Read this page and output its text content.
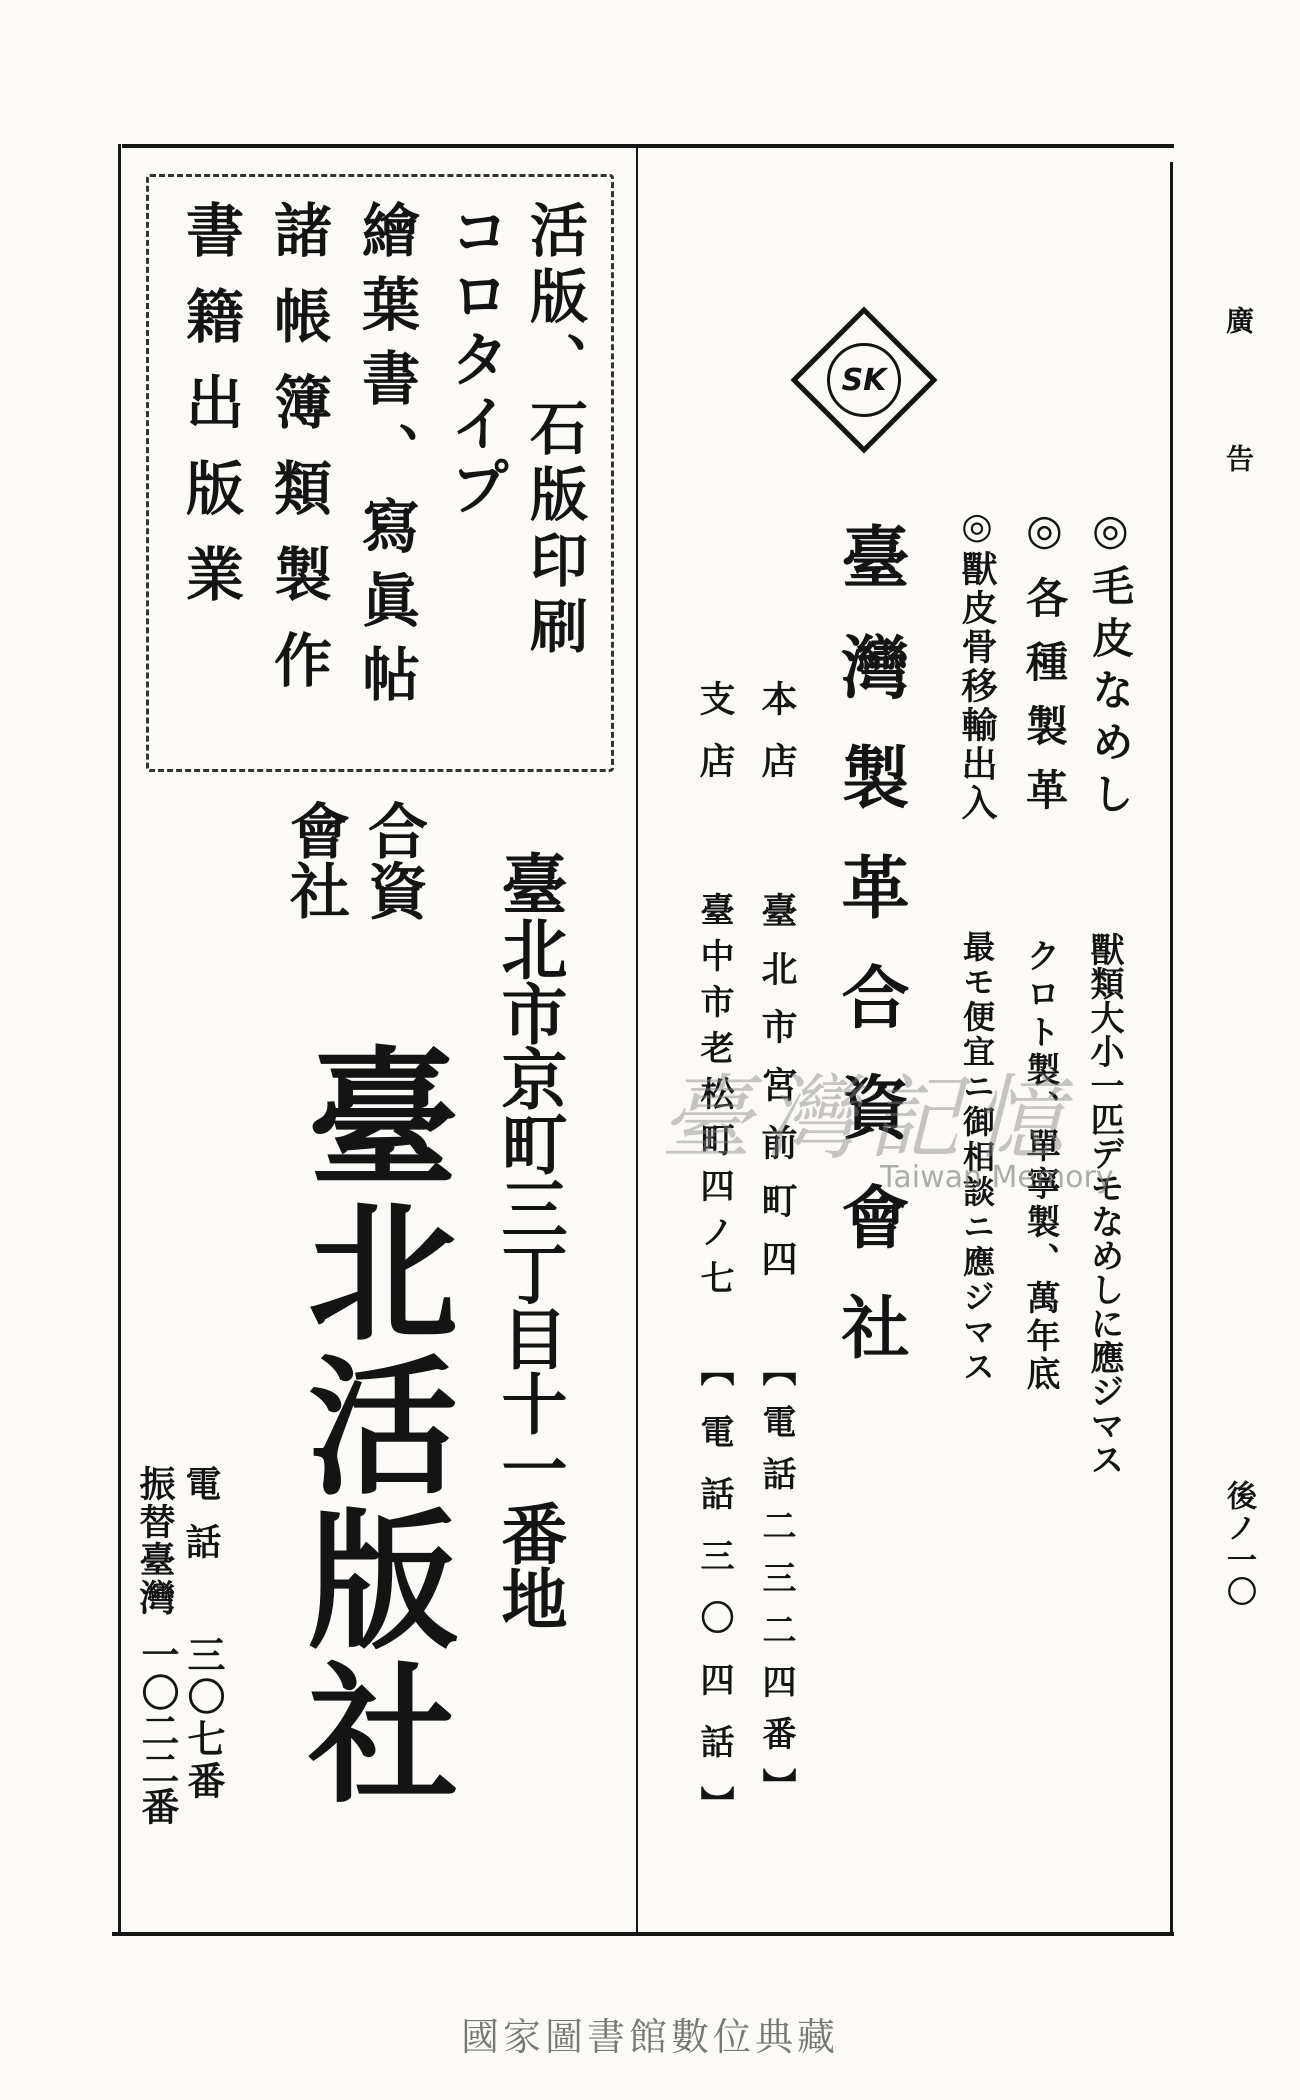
廣告
後ノ一〇
SK
臺灣製革合資會社	◎毛皮なめし
◎各種製革
◎獸皮骨移輸出入
獸類大小一匹デモなめしに應ジマス
クロト製、單寧製、萬年底
最モ便宜ニ御相談ニ應ジマス
本店
臺北市宮前町四
【電話二三二四番】
支店
臺中市老松町四ノ七
【電話三〇四話】
活版、石版印刷
コロタイプ
繪葉書、寫眞帖
諸帳簿類製作
書籍出版業
臺北市京町三丁目十一番地
合資
會社
臺北活版社
電話
三〇七番
振替臺灣
一〇二二番
臺灣記憶
Taiwan Memory
國家圖書館數位典藏
